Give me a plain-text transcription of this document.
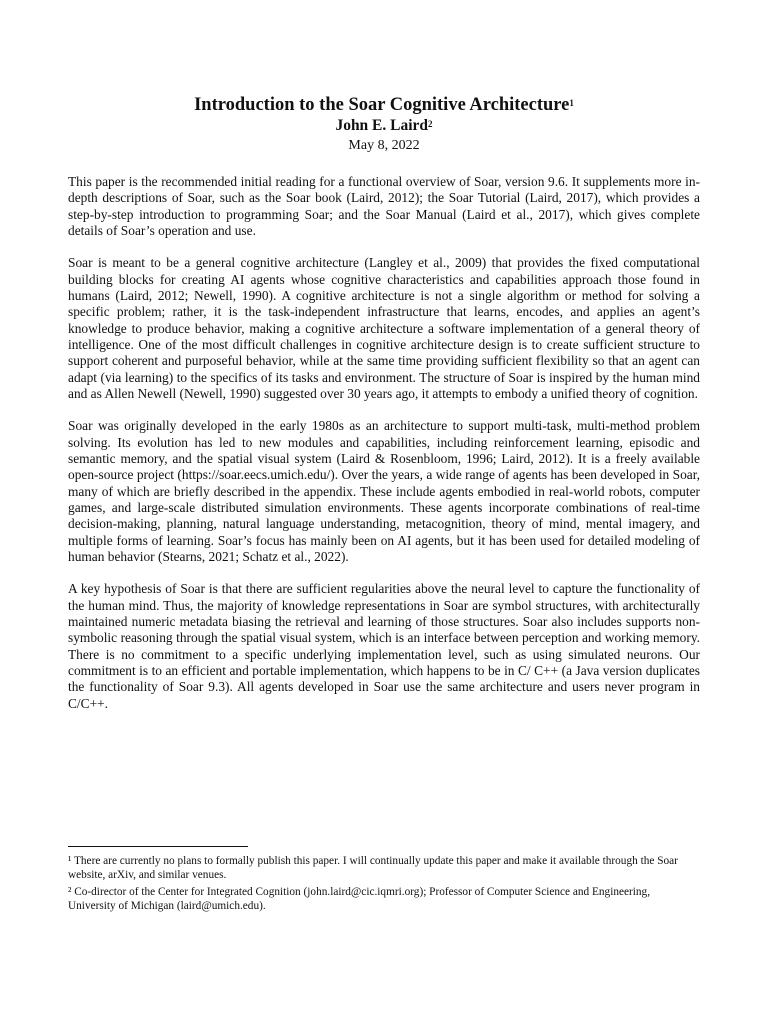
Introduction to the Soar Cognitive Architecture$^1$

John E. Laird$^2$

May 8, 2022

This paper is the recommended initial reading for a functional overview of Soar, version 9.6. It supplements more in-depth descriptions of Soar, such as the Soar book (Laird, 2012); the Soar Tutorial (Laird, 2017), which provides a step-by-step introduction to programming Soar; and the Soar Manual (Laird et al., 2017), which gives complete details of Soar’s operation and use.

Soar is meant to be a general cognitive architecture (Langley et al., 2009) that provides the fixed computational building blocks for creating AI agents whose cognitive characteristics and capabilities approach those found in humans (Laird, 2012; Newell, 1990). A cognitive architecture is not a single algorithm or method for solving a specific problem; rather, it is the task-independent infrastructure that learns, encodes, and applies an agent’s knowledge to produce behavior, making a cognitive architecture a software implementation of a general theory of intelligence. One of the most difficult challenges in cognitive architecture design is to create sufficient structure to support coherent and purposeful behavior, while at the same time providing sufficient flexibility so that an agent can adapt (via learning) to the specifics of its tasks and environment. The structure of Soar is inspired by the human mind and as Allen Newell (Newell, 1990) suggested over 30 years ago, it attempts to embody a unified theory of cognition.

Soar was originally developed in the early 1980s as an architecture to support multi-task, multi-method problem solving. Its evolution has led to new modules and capabilities, including reinforcement learning, episodic and semantic memory, and the spatial visual system (Laird & Rosenbloom, 1996; Laird, 2012). It is a freely available open-source project (https://soar.eecs.umich.edu/). Over the years, a wide range of agents has been developed in Soar, many of which are briefly described in the appendix. These include agents embodied in real-world robots, computer games, and large-scale distributed simulation environments. These agents incorporate combinations of real-time decision-making, planning, natural language understanding, metacognition, theory of mind, mental imagery, and multiple forms of learning. Soar’s focus has mainly been on AI agents, but it has been used for detailed modeling of human behavior (Stearns, 2021; Schatz et al., 2022).

A key hypothesis of Soar is that there are sufficient regularities above the neural level to capture the functionality of the human mind. Thus, the majority of knowledge representations in Soar are symbol structures, with architecturally maintained numeric metadata biasing the retrieval and learning of those structures. Soar also includes supports non-symbolic reasoning through the spatial visual system, which is an interface between perception and working memory. There is no commitment to a specific underlying implementation level, such as using simulated neurons. Our commitment is to an efficient and portable implementation, which happens to be in C/ C++ (a Java version duplicates the functionality of Soar 9.3). All agents developed in Soar use the same architecture and users never program in C/C++.

¹ There are currently no plans to formally publish this paper. I will continually update this paper and make it available through the Soar website, arXiv, and similar venues.

² Co-director of the Center for Integrated Cognition (john.laird@cic.iqmri.org); Professor of Computer Science and Engineering, University of Michigan (laird@umich.edu).
